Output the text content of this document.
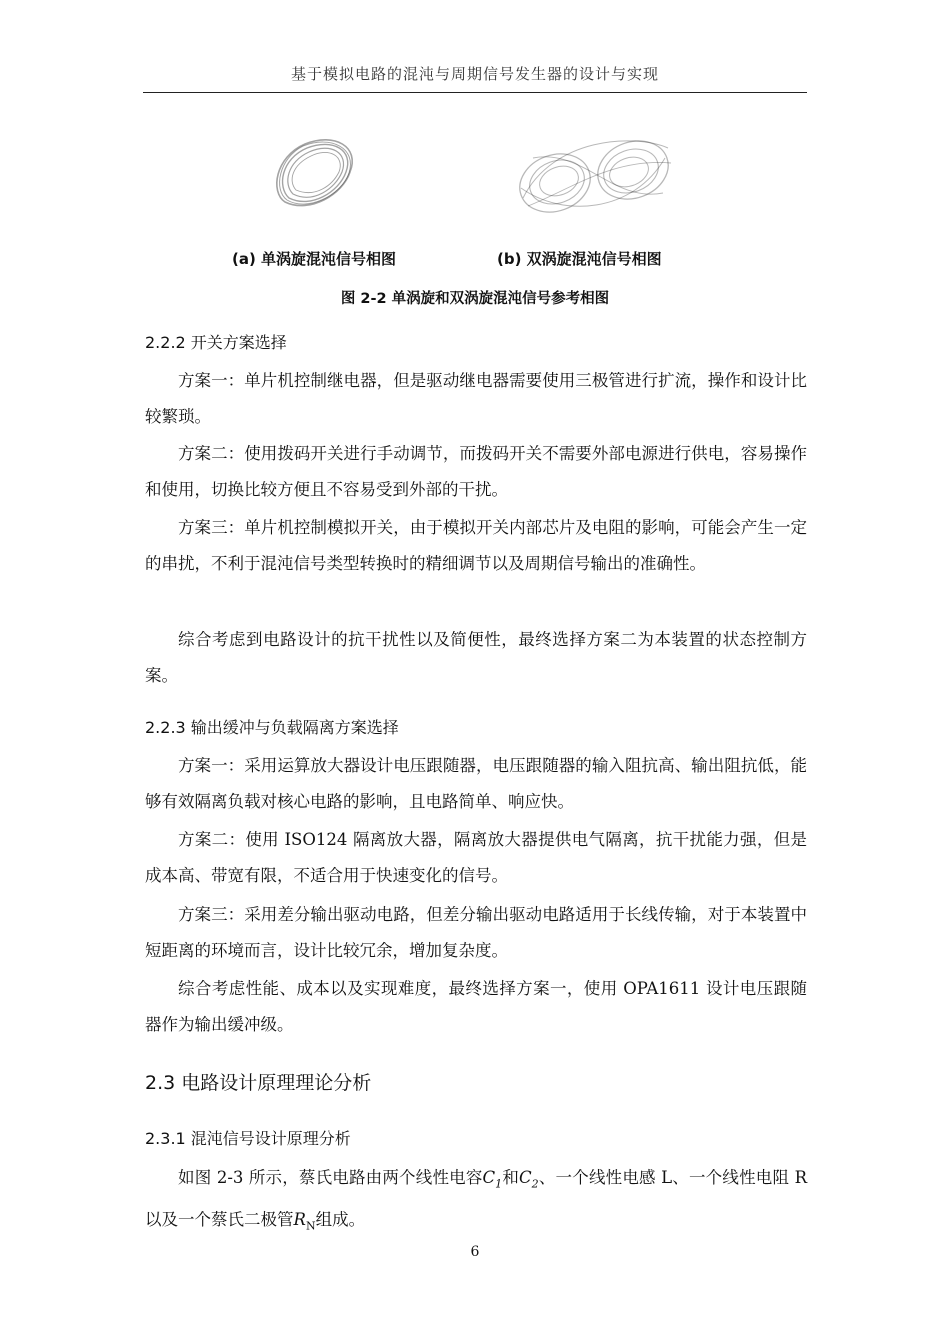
基于模拟电路的混沌与周期信号发生器的设计与实现
(a) 单涡旋混沌信号相图	(b) 双涡旋混沌信号相图
图 2-2 单涡旋和双涡旋混沌信号参考相图
2.2.2 开关方案选择

方案一：单片机控制继电器，但是驱动继电器需要使用三极管进行扩流，操作和设计比较繁琐。

方案二：使用拨码开关进行手动调节，而拨码开关不需要外部电源进行供电，容易操作和使用，切换比较方便且不容易受到外部的干扰。

方案三：单片机控制模拟开关，由于模拟开关内部芯片及电阻的影响，可能会产生一定的串扰，不利于混沌信号类型转换时的精细调节以及周期信号输出的准确性。

综合考虑到电路设计的抗干扰性以及简便性，最终选择方案二为本装置的状态控制方案。

2.2.3 输出缓冲与负载隔离方案选择

方案一：采用运算放大器设计电压跟随器，电压跟随器的输入阻抗高、输出阻抗低，能够有效隔离负载对核心电路的影响，且电路简单、响应快。

方案二：使用 ISO124 隔离放大器，隔离放大器提供电气隔离，抗干扰能力强，但是成本高、带宽有限，不适合用于快速变化的信号。

方案三：采用差分输出驱动电路，但差分输出驱动电路适用于长线传输，对于本装置中短距离的环境而言，设计比较冗余，增加复杂度。

综合考虑性能、成本以及实现难度，最终选择方案一，使用 OPA1611 设计电压跟随器作为输出缓冲级。

2.3 电路设计原理理论分析
2.3.1 混沌信号设计原理分析

如图 2-3 所示，蔡氏电路由两个线性电容$C_1$和$C_2$、一个线性电感 L、一个线性电阻 R 以及一个蔡氏二极管$R_N$组成。

6
